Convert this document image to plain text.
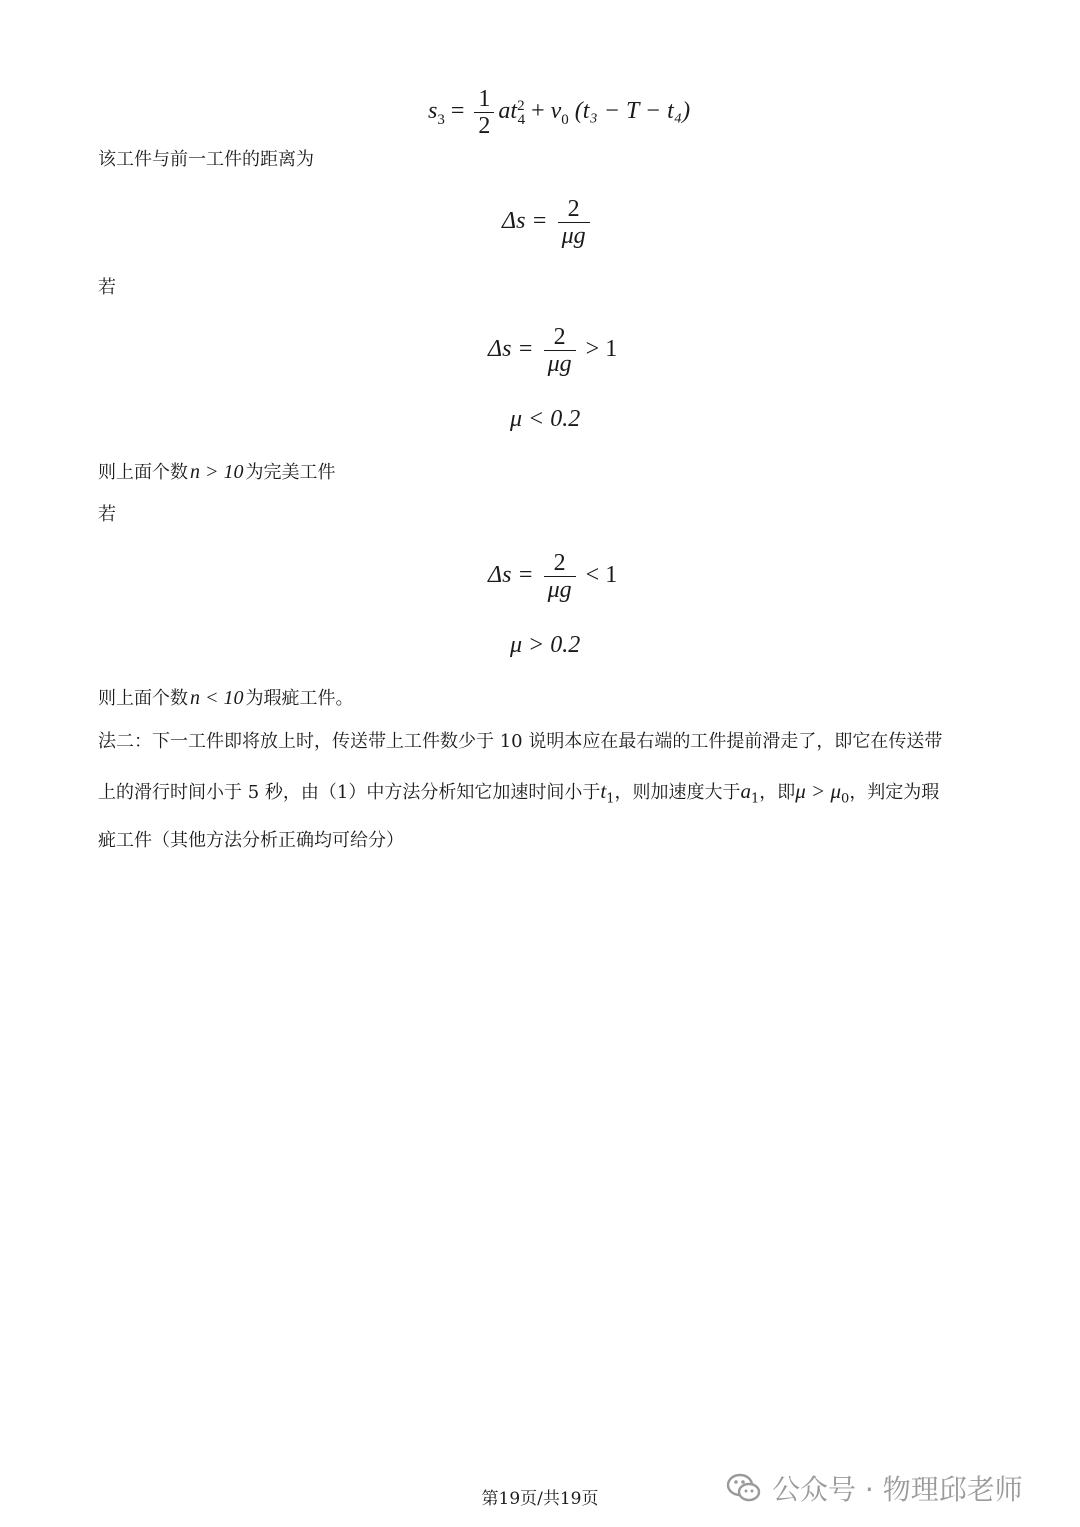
$s_3 = \frac{1}{2} at^2_4 + v_0$ (t₃ − T − t₄)
该工件与前一工件的距离为
$\Delta s = \frac{2}{\mu g}$
若
$\Delta s = \frac{2}{\mu g} > 1$
μ < 0.2
则上面个数 n > 10 为完美工件
若
$\Delta s = \frac{2}{\mu g} < 1$
μ > 0.2
则上面个数 n < 10 为瑕疵工件。
法二：下一工件即将放上时，传送带上工件数少于 10 说明本应在最右端的工件提前滑走了，即它在传送带
上的滑行时间小于 5 秒，由（1）中方法分析知它加速时间小于$t_1$，则加速度大于$a_1$，即$\mu > \mu_0$，判定为瑕
疵工件（其他方法分析正确均可给分）
第19页/共19页	公众号 · 物理邱老师
